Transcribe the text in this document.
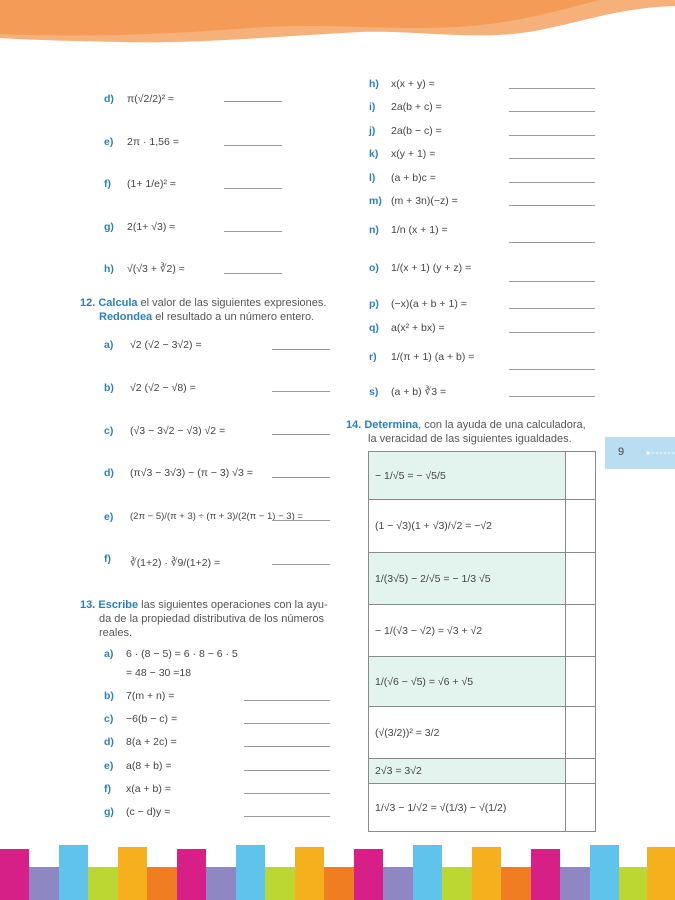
d) π(√2/2)² ≈
e) 2π · 1,56 =
f) (1+ 1/e)² ≈
g) 2(1+ √3) ≈
h) √(√3 + ∛2) ≈
12. Calcula el valor de las siguientes expresiones.
Redondea el resultado a un número entero.
a) √2 (√2 − 3√2) =
b) √2 (√2 − √8) =
c) (√3 − 3√2 − √3) √2 =
d) (π√3 − 3√3) − (π − 3) √3 =
e) (2π − 5)/(π + 3) ÷ (π + 3)/(2(π − 1) − 3) =
f) ∛(1+2) · ∛9/(1+2) =
13. Escribe las siguientes operaciones con la ayu-
da de la propiedad distributiva de los números
reales.
a) 6 · (8 − 5) = 6 · 8 − 6 · 5
= 48 − 30 =18
b) 7(m + n) =
c) −6(b − c) =
d) 8(a + 2c) =
e) a(8 + b) =
f) x(a + b) =
g) (c − d)y =
h) x(x + y) =
i) 2a(b + c) =
j) 2a(b − c) =
k) x(y + 1) =
l) (a + b)c =
m) (m + 3n)(−z) =
n) 1/n (x + 1) =
o) 1/(x + 1) (y + z) =
p) (−x)(a + b + 1) =
q) a(x² + bx) =
r) 1/(π + 1) (a + b) =
s) (a + b) ∛3 =
14. Determina, con la ayuda de una calculadora,
la veracidad de las siguientes igualdades.
− 1/√5 = − √5/5	
(1 − √3)(1 + √3)/√2 = −√2	
1/(3√5) − 2/√5 = − 1/3 √5	
− 1/(√3 − √2) = √3 + √2	
1/(√6 − √5) = √6 + √5	
(√(3/2))² = 3/2	
2√3 = 3√2	
1/√3 − 1/√2 = √(1/3) − √(1/2)	
9
